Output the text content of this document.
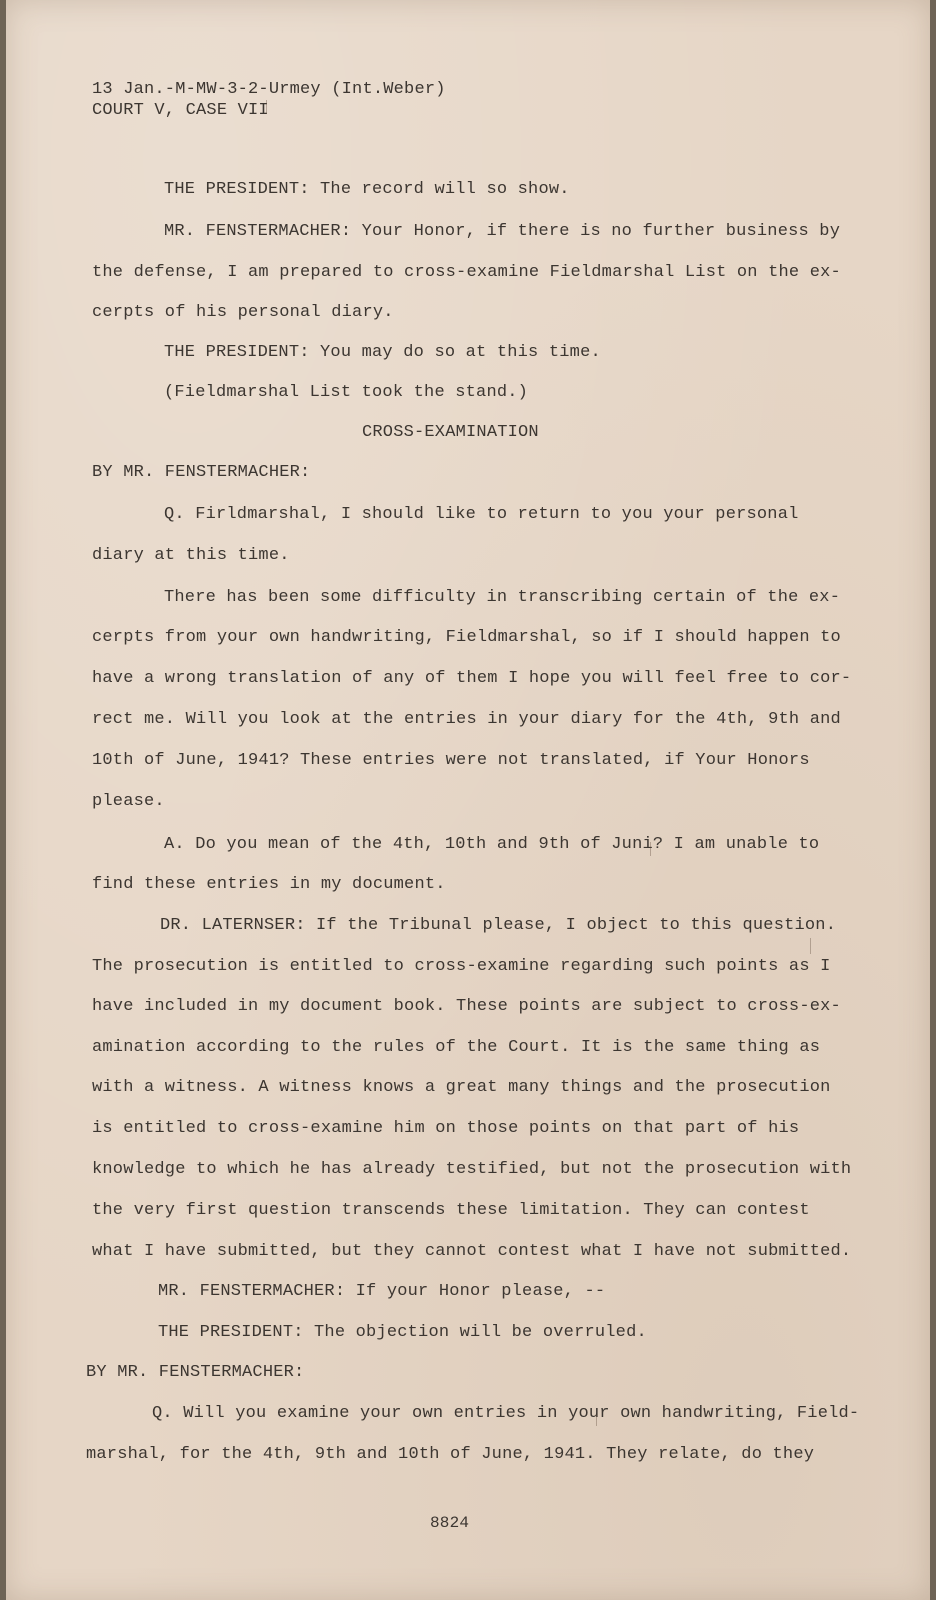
13 Jan.-M-MW-3-2-Urmey (Int.Weber)
COURT V, CASE VII
THE PRESIDENT: The record will so show.
MR. FENSTERMACHER: Your Honor, if there is no further business by
the defense, I am prepared to cross-examine Fieldmarshal List on the ex-
cerpts of his personal diary.
THE PRESIDENT: You may do so at this time.
(Fieldmarshal List took the stand.)
CROSS-EXAMINATION
BY MR. FENSTERMACHER:
Q. Firldmarshal, I should like to return to you your personal
diary at this time.
There has been some difficulty in transcribing certain of the ex-
cerpts from your own handwriting, Fieldmarshal, so if I should happen to
have a wrong translation of any of them I hope you will feel free to cor-
rect me. Will you look at the entries in your diary for the 4th, 9th and
10th of June, 1941? These entries were not translated, if Your Honors
please.
A. Do you mean of the 4th, 10th and 9th of Juni? I am unable to
find these entries in my document.
DR. LATERNSER: If the Tribunal please, I object to this question.
The prosecution is entitled to cross-examine regarding such points as I
have included in my document book. These points are subject to cross-ex-
amination according to the rules of the Court. It is the same thing as
with a witness. A witness knows a great many things and the prosecution
is entitled to cross-examine him on those points on that part of his
knowledge to which he has already testified, but not the prosecution with
the very first question transcends these limitation. They can contest
what I have submitted, but they cannot contest what I have not submitted.
MR. FENSTERMACHER: If your Honor please, --
THE PRESIDENT: The objection will be overruled.
BY MR. FENSTERMACHER:
Q. Will you examine your own entries in your own handwriting, Field-
marshal, for the 4th, 9th and 10th of June, 1941. They relate, do they
8824
